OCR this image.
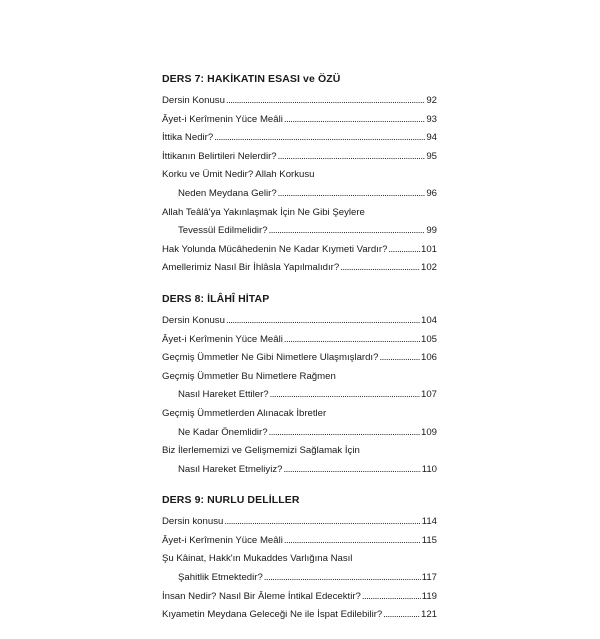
DERS 7: HAKİKATIN ESASI ve ÖZÜ
Dersin Konusu . . .	92
Âyet-i Kerîmenin Yüce Meâli . . .	93
İttika Nedir? . . .	94
İttikanın Belirtileri Nelerdir? . . .	95
Korku ve Ümit Nedir? Allah Korkusu
Neden Meydana Gelir? . . .	96
Allah Teâlâ'ya Yakınlaşmak İçin Ne Gibi Şeylere
Tevessül Edilmelidir? . . .	99
Hak Yolunda Mücâhedenin Ne Kadar Kıymeti Vardır? . . .	101
Amellerimiz Nasıl Bir İhlâsla Yapılmalıdır? . . .	102
DERS 8: İLÂHÎ HİTAP
Dersin Konusu . . .	104
Âyet-i Kerîmenin Yüce Meâli . . .	105
Geçmiş Ümmetler Ne Gibi Nimetlere Ulaşmışlardı? . . .	106
Geçmiş Ümmetler Bu Nimetlere Rağmen
Nasıl Hareket Ettiler? . . .	107
Geçmiş Ümmetlerden Alınacak İbretler
Ne Kadar Önemlidir? . . .	109
Biz İlerlememizi ve Gelişmemizi Sağlamak İçin
Nasıl Hareket Etmeliyiz? . . .	110
DERS 9: NURLU DELİLLER
Dersin konusu . . .	114
Âyet-i Kerîmenin Yüce Meâli . . .	115
Şu Kâinat, Hakk'ın Mukaddes Varlığına Nasıl
Şahitlik Etmektedir? . . .	117
İnsan Nedir? Nasıl Bir Âleme İntikal Edecektir? . . .	119
Kıyametin Meydana Geleceği Ne ile İspat Edilebilir? . . .	121
